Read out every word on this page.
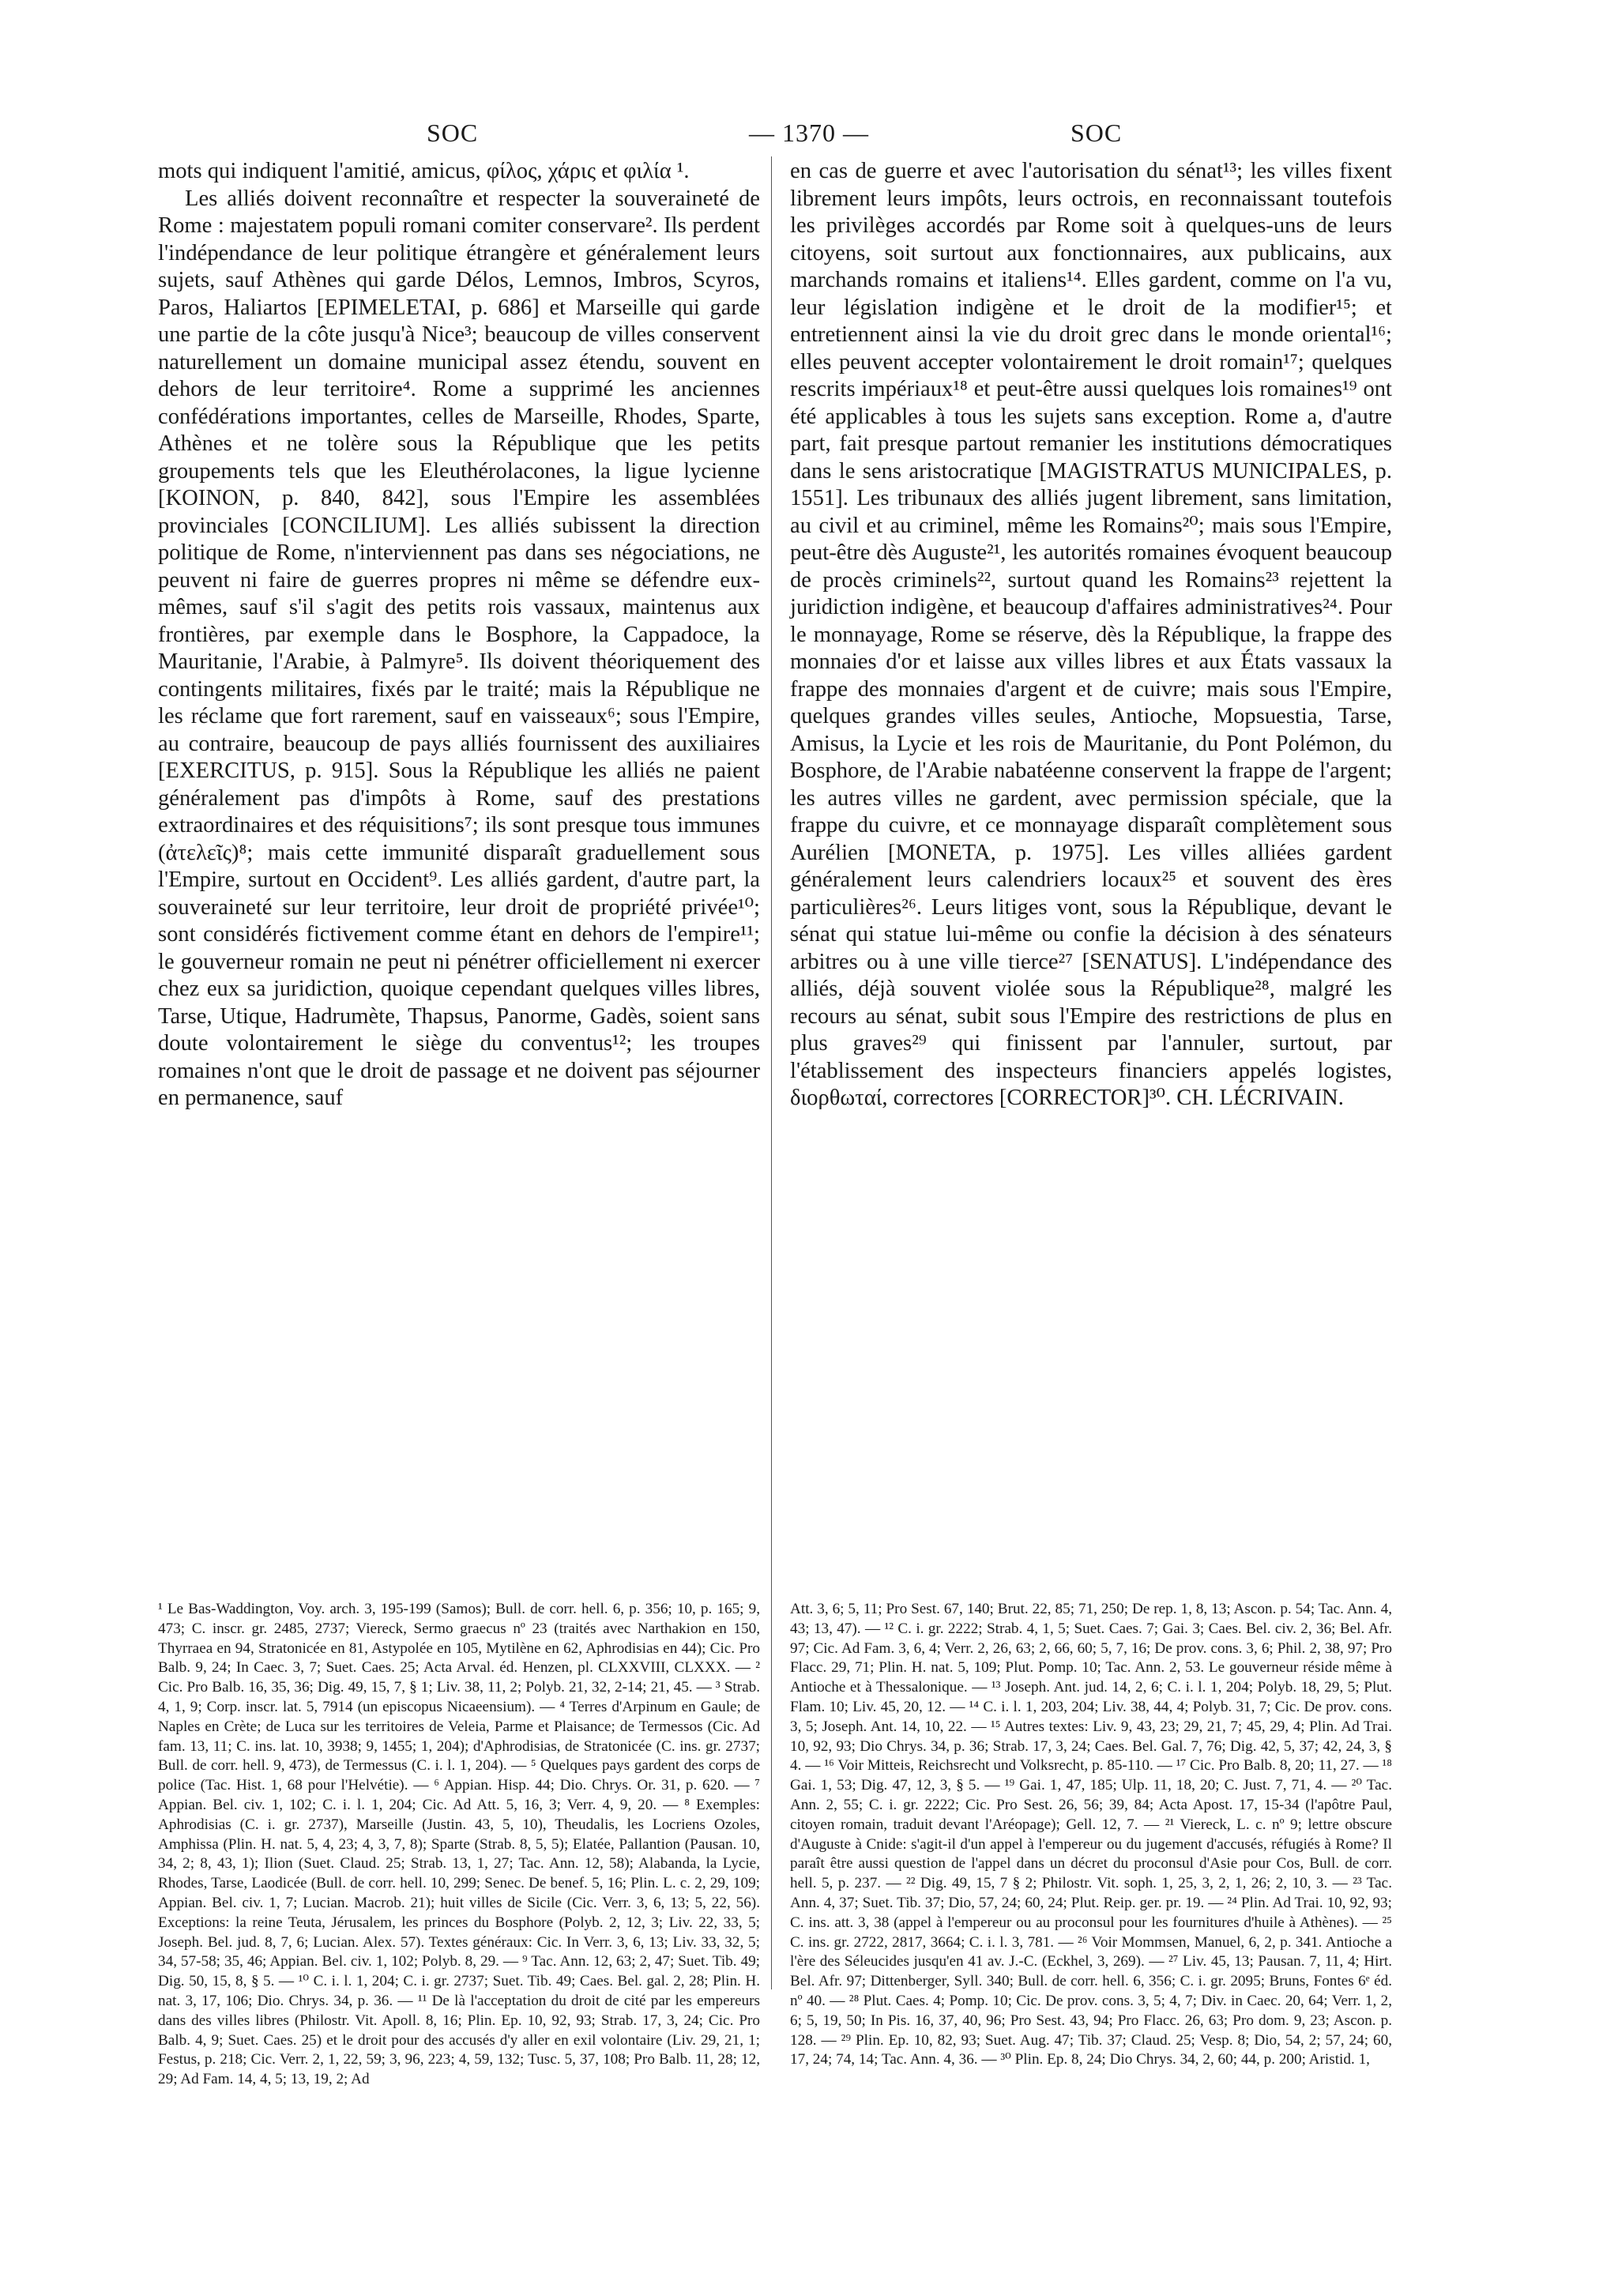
SOC	— 1370 —	SOC

mots qui indiquent l'amitié, amicus, φίλος, χάρις et φιλία ¹.

Les alliés doivent reconnaître et respecter la souveraineté de Rome : majestatem populi romani comiter conservare². Ils perdent l'indépendance de leur politique étrangère et généralement leurs sujets, sauf Athènes qui garde Délos, Lemnos, Imbros, Scyros, Paros, Haliartos [EPIMELETAI, p. 686] et Marseille qui garde une partie de la côte jusqu'à Nice³; beaucoup de villes conservent naturellement un domaine municipal assez étendu, souvent en dehors de leur territoire⁴. Rome a supprimé les anciennes confédérations importantes, celles de Marseille, Rhodes, Sparte, Athènes et ne tolère sous la République que les petits groupements tels que les Eleuthérolacones, la ligue lycienne [KOINON, p. 840, 842], sous l'Empire les assemblées provinciales [CONCILIUM]. Les alliés subissent la direction politique de Rome, n'interviennent pas dans ses négociations, ne peuvent ni faire de guerres propres ni même se défendre eux-mêmes, sauf s'il s'agit des petits rois vassaux, maintenus aux frontières, par exemple dans le Bosphore, la Cappadoce, la Mauritanie, l'Arabie, à Palmyre⁵. Ils doivent théoriquement des contingents militaires, fixés par le traité; mais la République ne les réclame que fort rarement, sauf en vaisseaux⁶; sous l'Empire, au contraire, beaucoup de pays alliés fournissent des auxiliaires [EXERCITUS, p. 915]. Sous la République les alliés ne paient généralement pas d'impôts à Rome, sauf des prestations extraordinaires et des réquisitions⁷; ils sont presque tous immunes (ἀτελεῖς)⁸; mais cette immunité disparaît graduellement sous l'Empire, surtout en Occident⁹. Les alliés gardent, d'autre part, la souveraineté sur leur territoire, leur droit de propriété privée¹⁰; sont considérés fictivement comme étant en dehors de l'empire¹¹; le gouverneur romain ne peut ni pénétrer officiellement ni exercer chez eux sa juridiction, quoique cependant quelques villes libres, Tarse, Utique, Hadrumète, Thapsus, Panorme, Gadès, soient sans doute volontairement le siège du conventus¹²; les troupes romaines n'ont que le droit de passage et ne doivent pas séjourner en permanence, sauf

en cas de guerre et avec l'autorisation du sénat¹³; les villes fixent librement leurs impôts, leurs octrois, en reconnaissant toutefois les privilèges accordés par Rome soit à quelques-uns de leurs citoyens, soit surtout aux fonctionnaires, aux publicains, aux marchands romains et italiens¹⁴. Elles gardent, comme on l'a vu, leur législation indigène et le droit de la modifier¹⁵; et entretiennent ainsi la vie du droit grec dans le monde oriental¹⁶; elles peuvent accepter volontairement le droit romain¹⁷; quelques rescrits impériaux¹⁸ et peut-être aussi quelques lois romaines¹⁹ ont été applicables à tous les sujets sans exception. Rome a, d'autre part, fait presque partout remanier les institutions démocratiques dans le sens aristocratique [MAGISTRATUS MUNICIPALES, p. 1551]. Les tribunaux des alliés jugent librement, sans limitation, au civil et au criminel, même les Romains²⁰; mais sous l'Empire, peut-être dès Auguste²¹, les autorités romaines évoquent beaucoup de procès criminels²², surtout quand les Romains²³ rejettent la juridiction indigène, et beaucoup d'affaires administratives²⁴. Pour le monnayage, Rome se réserve, dès la République, la frappe des monnaies d'or et laisse aux villes libres et aux États vassaux la frappe des monnaies d'argent et de cuivre; mais sous l'Empire, quelques grandes villes seules, Antioche, Mopsuestia, Tarse, Amisus, la Lycie et les rois de Mauritanie, du Pont Polémon, du Bosphore, de l'Arabie nabatéenne conservent la frappe de l'argent; les autres villes ne gardent, avec permission spéciale, que la frappe du cuivre, et ce monnayage disparaît complètement sous Aurélien [MONETA, p. 1975]. Les villes alliées gardent généralement leurs calendriers locaux²⁵ et souvent des ères particulières²⁶. Leurs litiges vont, sous la République, devant le sénat qui statue lui-même ou confie la décision à des sénateurs arbitres ou à une ville tierce²⁷ [SENATUS]. L'indépendance des alliés, déjà souvent violée sous la République²⁸, malgré les recours au sénat, subit sous l'Empire des restrictions de plus en plus graves²⁹ qui finissent par l'annuler, surtout, par l'établissement des inspecteurs financiers appelés logistes, διορθωταί, correctores [CORRECTOR]³⁰. CH. LÉCRIVAIN.

¹ Le Bas-Waddington, Voy. arch. 3, 195-199 (Samos); Bull. de corr. hell. 6, p. 356; 10, p. 165; 9, 473; C. inscr. gr. 2485, 2737; Viereck, Sermo graecus nº 23 (traités avec Narthakion en 150, Thyrraea en 94, Stratonicée en 81, Astypolée en 105, Mytilène en 62, Aphrodisias en 44); Cic. Pro Balb. 9, 24; In Caec. 3, 7; Suet. Caes. 25; Acta Arval. éd. Henzen, pl. CLXXVIII, CLXXX. — ² Cic. Pro Balb. 16, 35, 36; Dig. 49, 15, 7, § 1; Liv. 38, 11, 2; Polyb. 21, 32, 2-14; 21, 45. — ³ Strab. 4, 1, 9; Corp. inscr. lat. 5, 7914 (un episcopus Nicaeensium). — ⁴ Terres d'Arpinum en Gaule; de Naples en Crète; de Luca sur les territoires de Veleia, Parme et Plaisance; de Termessos (Cic. Ad fam. 13, 11; C. ins. lat. 10, 3938; 9, 1455; 1, 204); d'Aphrodisias, de Stratonicée (C. ins. gr. 2737; Bull. de corr. hell. 9, 473), de Termessus (C. i. l. 1, 204). — ⁵ Quelques pays gardent des corps de police (Tac. Hist. 1, 68 pour l'Helvétie). — ⁶ Appian. Hisp. 44; Dio. Chrys. Or. 31, p. 620. — ⁷ Appian. Bel. civ. 1, 102; C. i. l. 1, 204; Cic. Ad Att. 5, 16, 3; Verr. 4, 9, 20. — ⁸ Exemples: Aphrodisias (C. i. gr. 2737), Marseille (Justin. 43, 5, 10), Theudalis, les Locriens Ozoles, Amphissa (Plin. H. nat. 5, 4, 23; 4, 3, 7, 8); Sparte (Strab. 8, 5, 5); Elatée, Pallantion (Pausan. 10, 34, 2; 8, 43, 1); Ilion (Suet. Claud. 25; Strab. 13, 1, 27; Tac. Ann. 12, 58); Alabanda, la Lycie, Rhodes, Tarse, Laodicée (Bull. de corr. hell. 10, 299; Senec. De benef. 5, 16; Plin. L. c. 2, 29, 109; Appian. Bel. civ. 1, 7; Lucian. Macrob. 21); huit villes de Sicile (Cic. Verr. 3, 6, 13; 5, 22, 56). Exceptions: la reine Teuta, Jérusalem, les princes du Bosphore (Polyb. 2, 12, 3; Liv. 22, 33, 5; Joseph. Bel. jud. 8, 7, 6; Lucian. Alex. 57). Textes généraux: Cic. In Verr. 3, 6, 13; Liv. 33, 32, 5; 34, 57-58; 35, 46; Appian. Bel. civ. 1, 102; Polyb. 8, 29. — ⁹ Tac. Ann. 12, 63; 2, 47; Suet. Tib. 49; Dig. 50, 15, 8, § 5. — ¹⁰ C. i. l. 1, 204; C. i. gr. 2737; Suet. Tib. 49; Caes. Bel. gal. 2, 28; Plin. H. nat. 3, 17, 106; Dio. Chrys. 34, p. 36. — ¹¹ De là l'acceptation du droit de cité par les empereurs dans des villes libres (Philostr. Vit. Apoll. 8, 16; Plin. Ep. 10, 92, 93; Strab. 17, 3, 24; Cic. Pro Balb. 4, 9; Suet. Caes. 25) et le droit pour des accusés d'y aller en exil volontaire (Liv. 29, 21, 1; Festus, p. 218; Cic. Verr. 2, 1, 22, 59; 3, 96, 223; 4, 59, 132; Tusc. 5, 37, 108; Pro Balb. 11, 28; 12, 29; Ad Fam. 14, 4, 5; 13, 19, 2; Ad

Att. 3, 6; 5, 11; Pro Sest. 67, 140; Brut. 22, 85; 71, 250; De rep. 1, 8, 13; Ascon. p. 54; Tac. Ann. 4, 43; 13, 47). — ¹² C. i. gr. 2222; Strab. 4, 1, 5; Suet. Caes. 7; Gai. 3; Caes. Bel. civ. 2, 36; Bel. Afr. 97; Cic. Ad Fam. 3, 6, 4; Verr. 2, 26, 63; 2, 66, 60; 5, 7, 16; De prov. cons. 3, 6; Phil. 2, 38, 97; Pro Flacc. 29, 71; Plin. H. nat. 5, 109; Plut. Pomp. 10; Tac. Ann. 2, 53. Le gouverneur réside même à Antioche et à Thessalonique. — ¹³ Joseph. Ant. jud. 14, 2, 6; C. i. l. 1, 204; Polyb. 18, 29, 5; Plut. Flam. 10; Liv. 45, 20, 12. — ¹⁴ C. i. l. 1, 203, 204; Liv. 38, 44, 4; Polyb. 31, 7; Cic. De prov. cons. 3, 5; Joseph. Ant. 14, 10, 22. — ¹⁵ Autres textes: Liv. 9, 43, 23; 29, 21, 7; 45, 29, 4; Plin. Ad Trai. 10, 92, 93; Dio Chrys. 34, p. 36; Strab. 17, 3, 24; Caes. Bel. Gal. 7, 76; Dig. 42, 5, 37; 42, 24, 3, § 4. — ¹⁶ Voir Mitteis, Reichsrecht und Volksrecht, p. 85-110. — ¹⁷ Cic. Pro Balb. 8, 20; 11, 27. — ¹⁸ Gai. 1, 53; Dig. 47, 12, 3, § 5. — ¹⁹ Gai. 1, 47, 185; Ulp. 11, 18, 20; C. Just. 7, 71, 4. — ²⁰ Tac. Ann. 2, 55; C. i. gr. 2222; Cic. Pro Sest. 26, 56; 39, 84; Acta Apost. 17, 15-34 (l'apôtre Paul, citoyen romain, traduit devant l'Aréopage); Gell. 12, 7. — ²¹ Viereck, L. c. nº 9; lettre obscure d'Auguste à Cnide: s'agit-il d'un appel à l'empereur ou du jugement d'accusés, réfugiés à Rome? Il paraît être aussi question de l'appel dans un décret du proconsul d'Asie pour Cos, Bull. de corr. hell. 5, p. 237. — ²² Dig. 49, 15, 7 § 2; Philostr. Vit. soph. 1, 25, 3, 2, 1, 26; 2, 10, 3. — ²³ Tac. Ann. 4, 37; Suet. Tib. 37; Dio, 57, 24; 60, 24; Plut. Reip. ger. pr. 19. — ²⁴ Plin. Ad Trai. 10, 92, 93; C. ins. att. 3, 38 (appel à l'empereur ou au proconsul pour les fournitures d'huile à Athènes). — ²⁵ C. ins. gr. 2722, 2817, 3664; C. i. l. 3, 781. — ²⁶ Voir Mommsen, Manuel, 6, 2, p. 341. Antioche a l'ère des Séleucides jusqu'en 41 av. J.-C. (Eckhel, 3, 269). — ²⁷ Liv. 45, 13; Pausan. 7, 11, 4; Hirt. Bel. Afr. 97; Dittenberger, Syll. 340; Bull. de corr. hell. 6, 356; C. i. gr. 2095; Bruns, Fontes 6ᵉ éd. nº 40. — ²⁸ Plut. Caes. 4; Pomp. 10; Cic. De prov. cons. 3, 5; 4, 7; Div. in Caec. 20, 64; Verr. 1, 2, 6; 5, 19, 50; In Pis. 16, 37, 40, 96; Pro Sest. 43, 94; Pro Flacc. 26, 63; Pro dom. 9, 23; Ascon. p. 128. — ²⁹ Plin. Ep. 10, 82, 93; Suet. Aug. 47; Tib. 37; Claud. 25; Vesp. 8; Dio, 54, 2; 57, 24; 60, 17, 24; 74, 14; Tac. Ann. 4, 36. — ³⁰ Plin. Ep. 8, 24; Dio Chrys. 34, 2, 60; 44, p. 200; Aristid. 1,
